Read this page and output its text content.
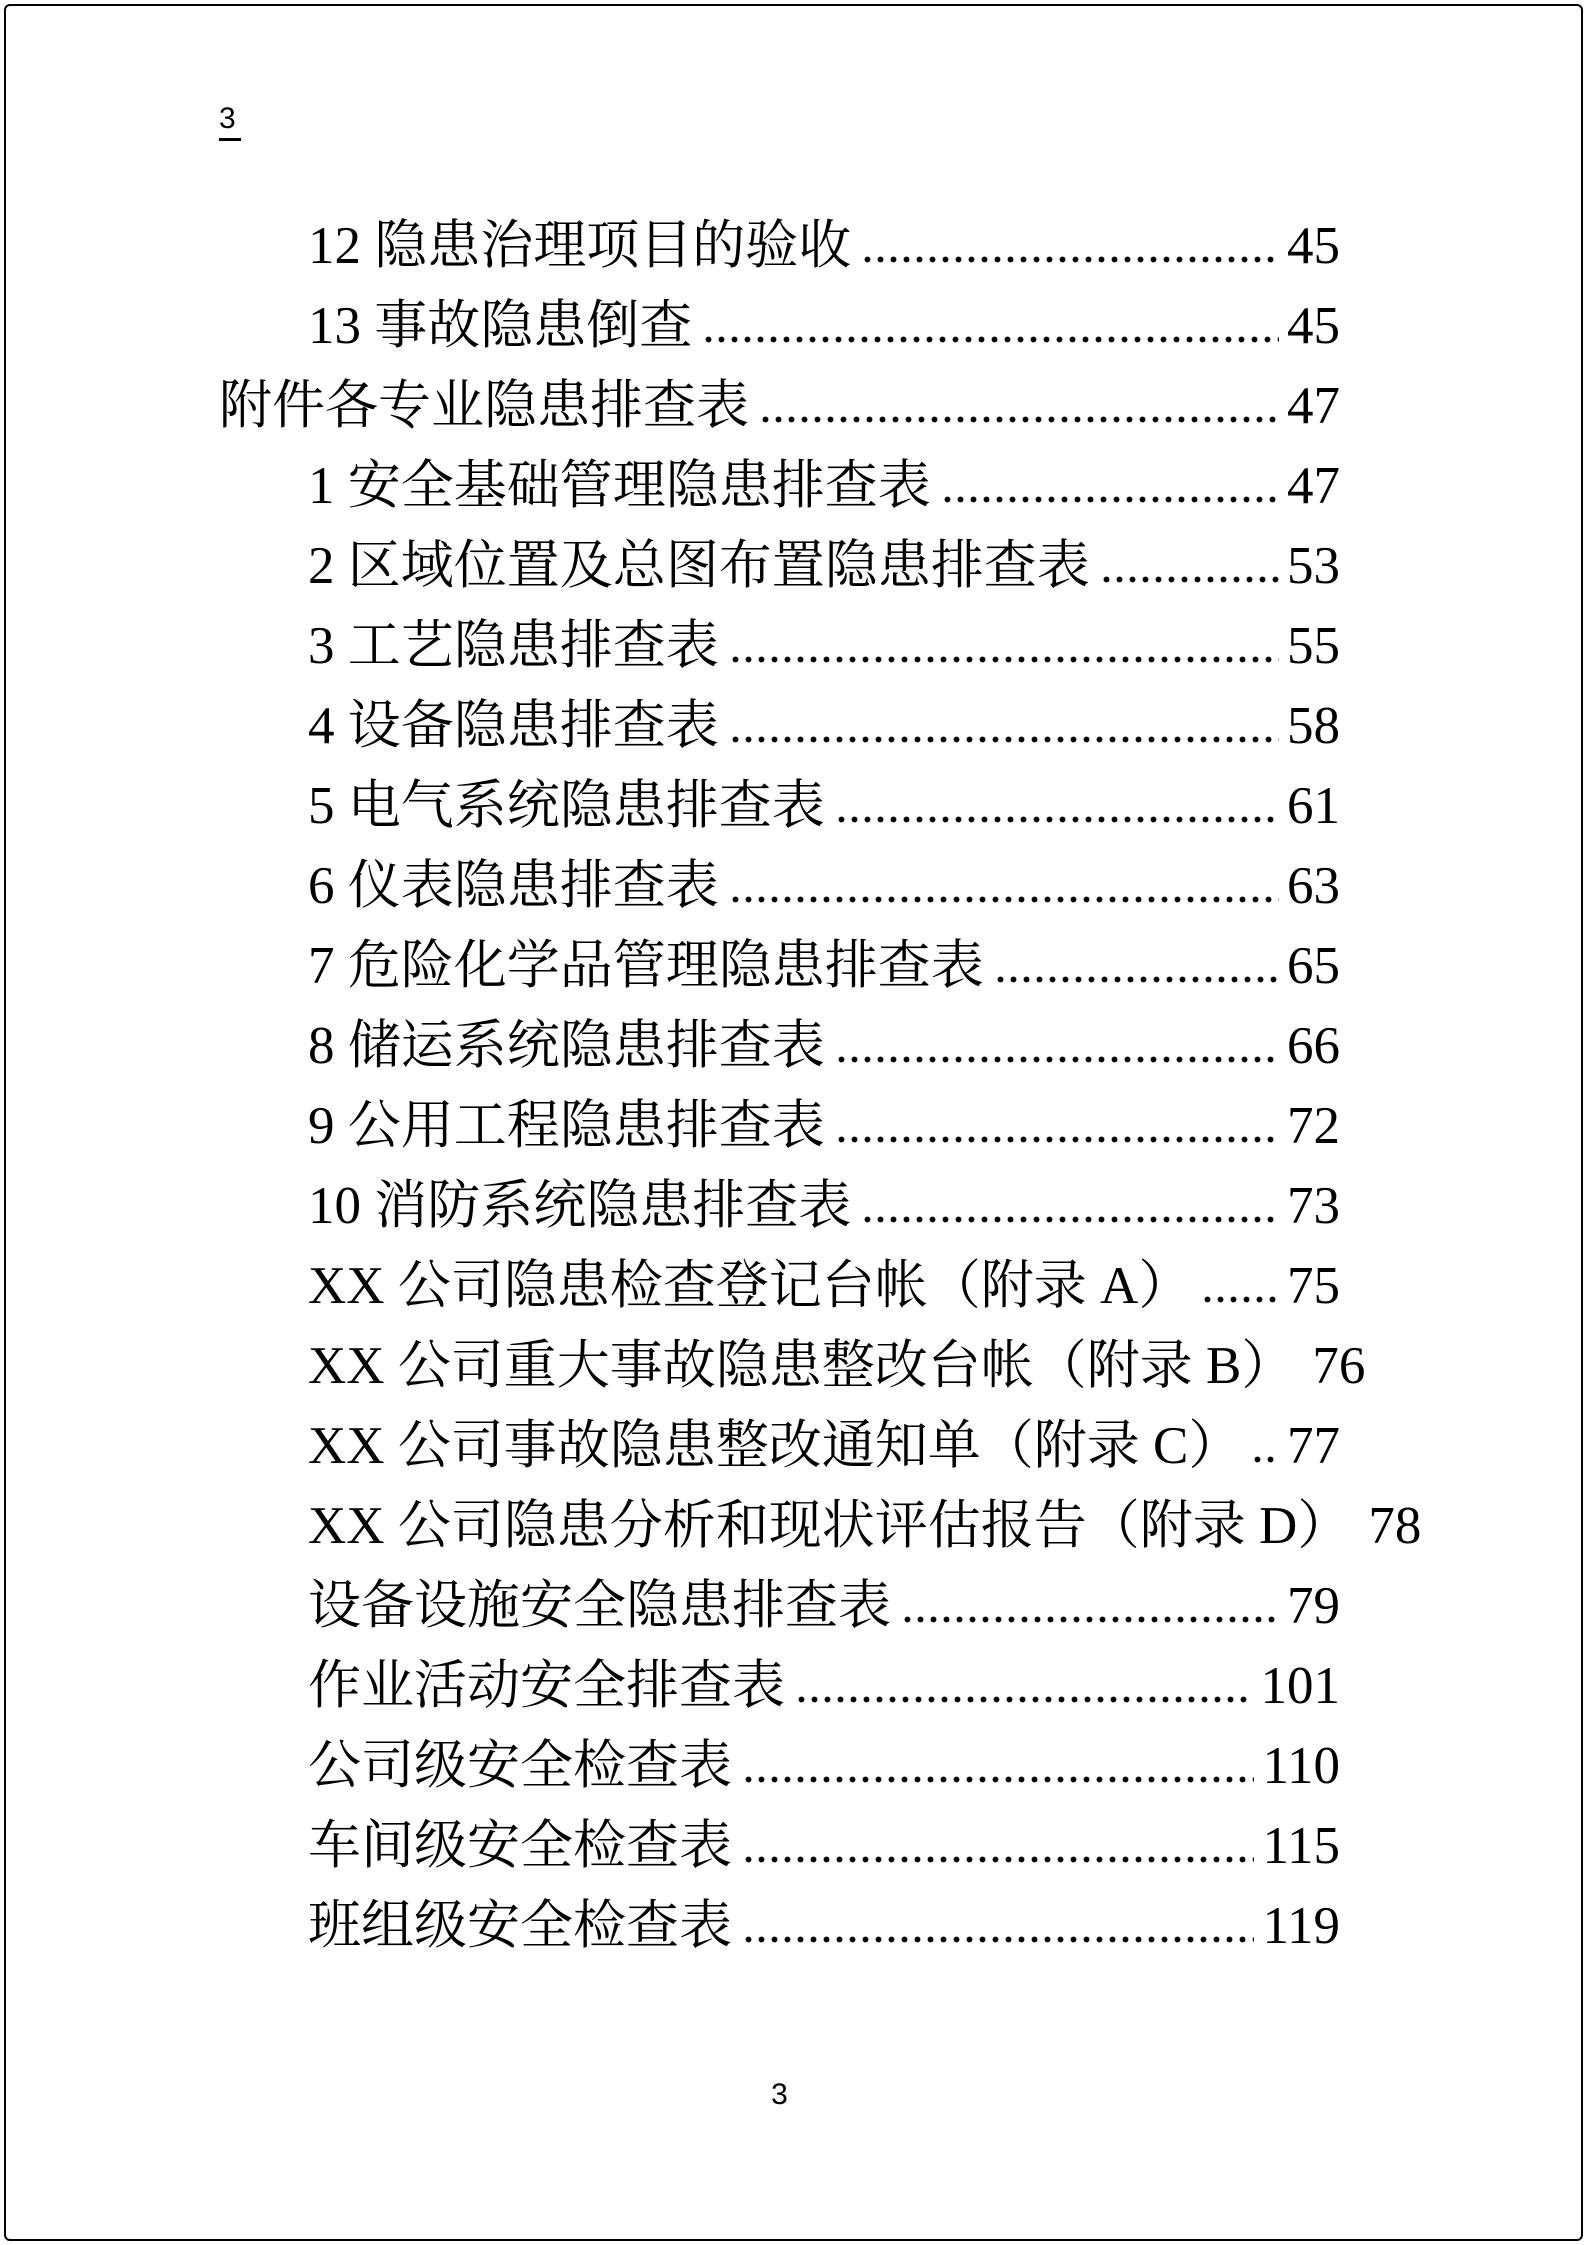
3
12 隐患治理项目的验收	45
13 事故隐患倒查	45
附件各专业隐患排查表	47
1 安全基础管理隐患排查表	47
2 区域位置及总图布置隐患排查表	53
3 工艺隐患排查表	55
4 设备隐患排查表	58
5 电气系统隐患排查表	61
6 仪表隐患排查表	63
7 危险化学品管理隐患排查表	65
8 储运系统隐患排查表	66
9 公用工程隐患排查表	72
10 消防系统隐患排查表	73
XX 公司隐患检查登记台帐（附录 A） 75
XX 公司重大事故隐患整改台帐（附录 B） 76
XX 公司事故隐患整改通知单（附录 C） 77
XX 公司隐患分析和现状评估报告（附录 D） 78
设备设施安全隐患排查表	79
作业活动安全排查表	101
公司级安全检查表	110
车间级安全检查表	115
班组级安全检查表	119
3
